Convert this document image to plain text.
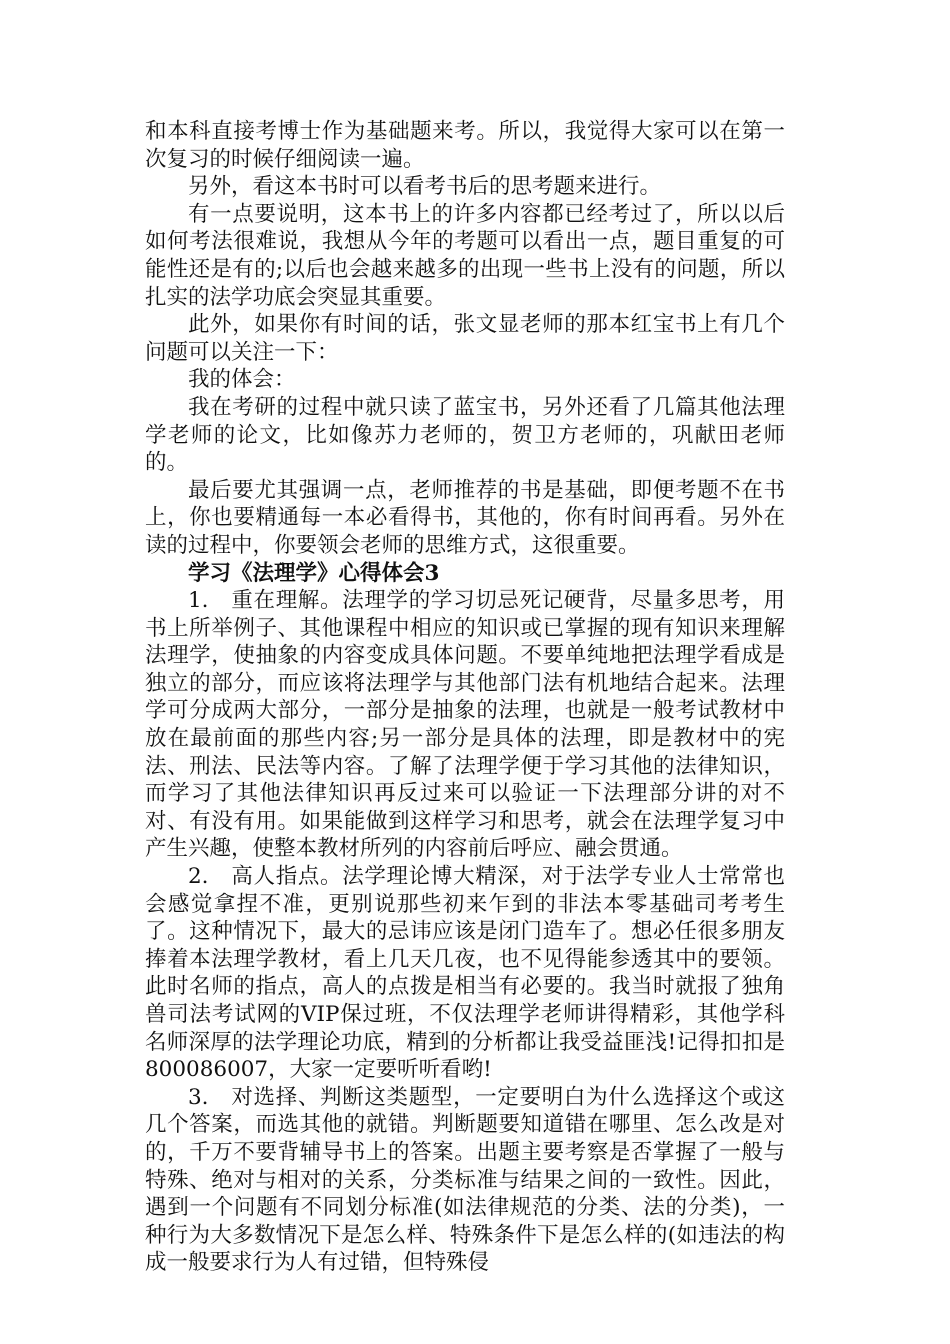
和本科直接考博士作为基础题来考。所以，我觉得大家可以在第一次复习的时候仔细阅读一遍。

另外，看这本书时可以看考书后的思考题来进行。

有一点要说明，这本书上的许多内容都已经考过了，所以以后如何考法很难说，我想从今年的考题可以看出一点，题目重复的可能性还是有的;以后也会越来越多的出现一些书上没有的问题，所以扎实的法学功底会突显其重要。

此外，如果你有时间的话，张文显老师的那本红宝书上有几个问题可以关注一下：

我的体会：

我在考研的过程中就只读了蓝宝书，另外还看了几篇其他法理学老师的论文，比如像苏力老师的，贺卫方老师的，巩献田老师的。

最后要尤其强调一点，老师推荐的书是基础，即便考题不在书上，你也要精通每一本必看得书，其他的，你有时间再看。另外在读的过程中，你要领会老师的思维方式，这很重要。

学习《法理学》心得体会3

1.　重在理解。法理学的学习切忌死记硬背，尽量多思考，用书上所举例子、其他课程中相应的知识或已掌握的现有知识来理解法理学，使抽象的内容变成具体问题。不要单纯地把法理学看成是独立的部分，而应该将法理学与其他部门法有机地结合起来。法理学可分成两大部分，一部分是抽象的法理，也就是一般考试教材中放在最前面的那些内容;另一部分是具体的法理，即是教材中的宪法、刑法、民法等内容。了解了法理学便于学习其他的法律知识，而学习了其他法律知识再反过来可以验证一下法理部分讲的对不对、有没有用。如果能做到这样学习和思考，就会在法理学复习中产生兴趣，使整本教材所列的内容前后呼应、融会贯通。

2.　高人指点。法学理论博大精深，对于法学专业人士常常也会感觉拿捏不准，更别说那些初来乍到的非法本零基础司考考生了。这种情况下，最大的忌讳应该是闭门造车了。想必任很多朋友捧着本法理学教材，看上几天几夜，也不见得能参透其中的要领。此时名师的指点，高人的点拨是相当有必要的。我当时就报了独角兽司法考试网的VIP保过班，不仅法理学老师讲得精彩，其他学科名师深厚的法学理论功底，精到的分析都让我受益匪浅!记得扣扣是800086007，大家一定要听听看哟!

3.　对选择、判断这类题型，一定要明白为什么选择这个或这几个答案，而选其他的就错。判断题要知道错在哪里、怎么改是对的，千万不要背辅导书上的答案。出题主要考察是否掌握了一般与特殊、绝对与相对的关系，分类标准与结果之间的一致性。因此，遇到一个问题有不同划分标准(如法律规范的分类、法的分类)，一种行为大多数情况下是怎么样、特殊条件下是怎么样的(如违法的构成一般要求行为人有过错，但特殊侵
